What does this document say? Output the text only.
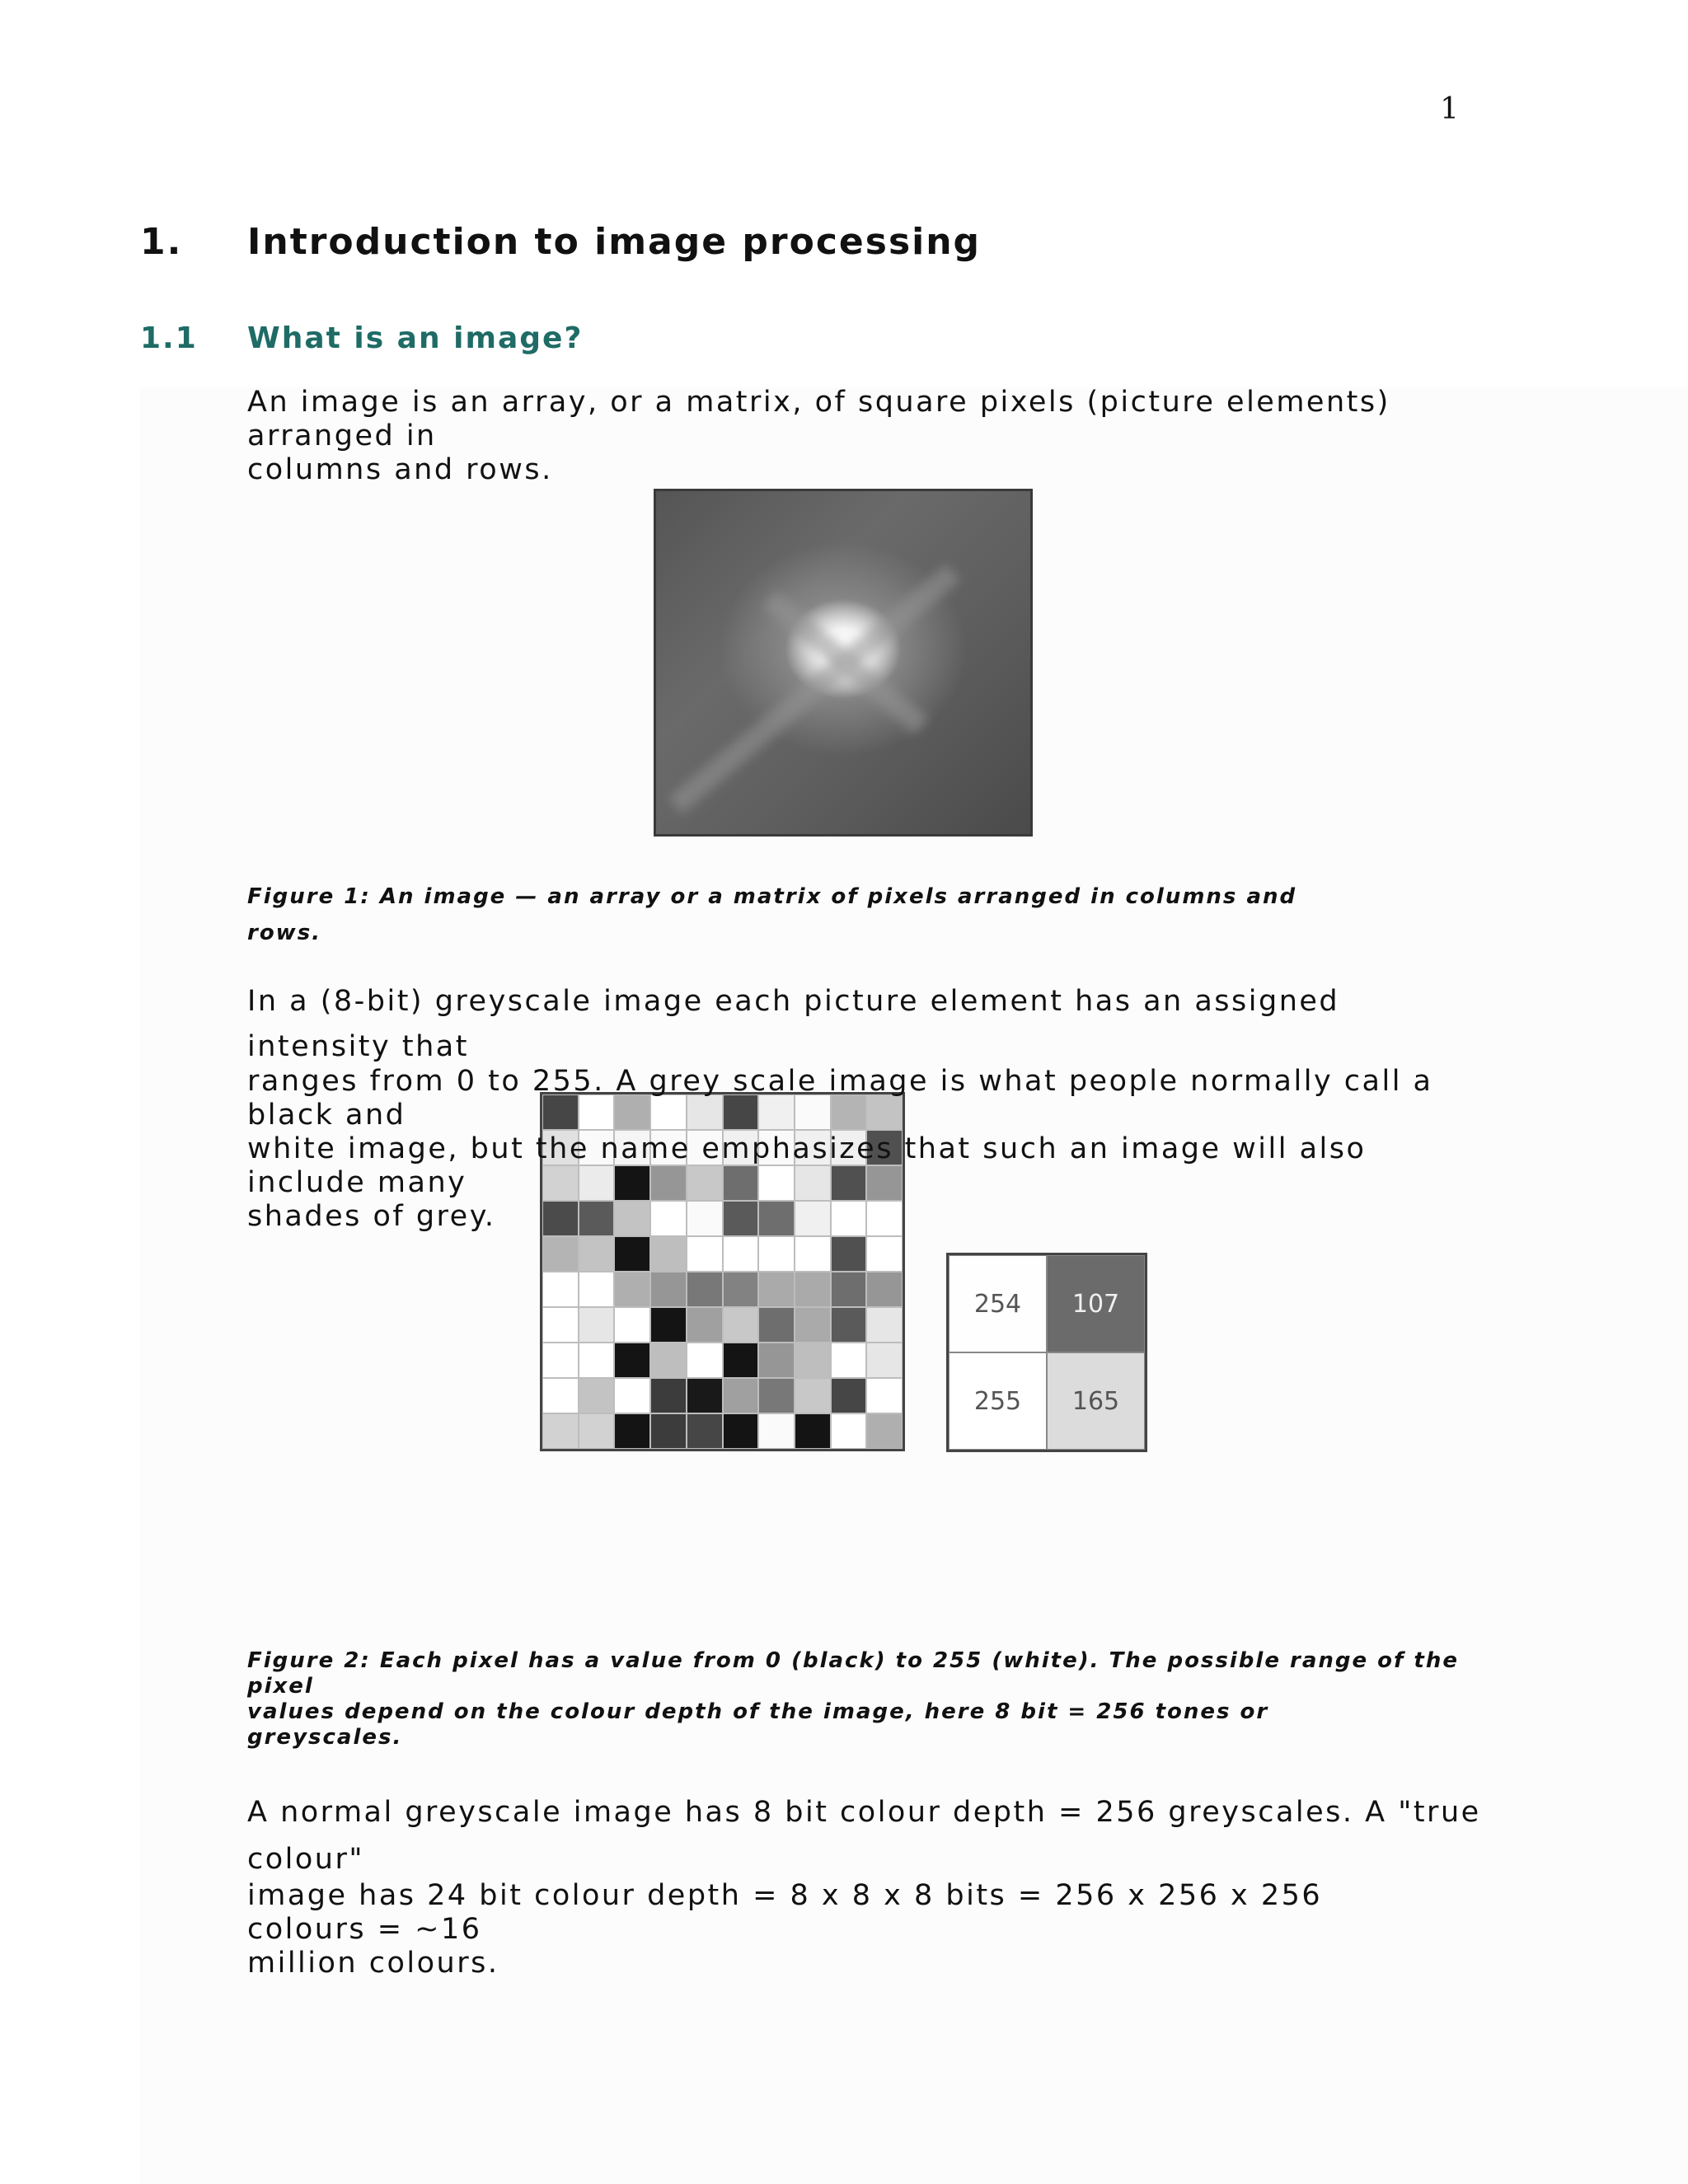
1
1. Introduction to image processing
1.1 What is an image?
An image is an array, or a matrix, of square pixels (picture elements)
arranged in
columns and rows.
Figure 1: An image — an array or a matrix of pixels arranged in columns and
rows.
254	107
255	165
In a (8-bit) greyscale image each picture element has an assigned
intensity that
ranges from 0 to 255. A grey scale image is what people normally call a
black and
white image, but the name emphasizes that such an image will also
include many
shades of grey.
Figure 2: Each pixel has a value from 0 (black) to 255 (white). The possible range of the
pixel
values depend on the colour depth of the image, here 8 bit = 256 tones or
greyscales.
A normal greyscale image has 8 bit colour depth = 256 greyscales. A "true
colour"
image has 24 bit colour depth = 8 x 8 x 8 bits = 256 x 256 x 256
colours = ~16
million colours.
